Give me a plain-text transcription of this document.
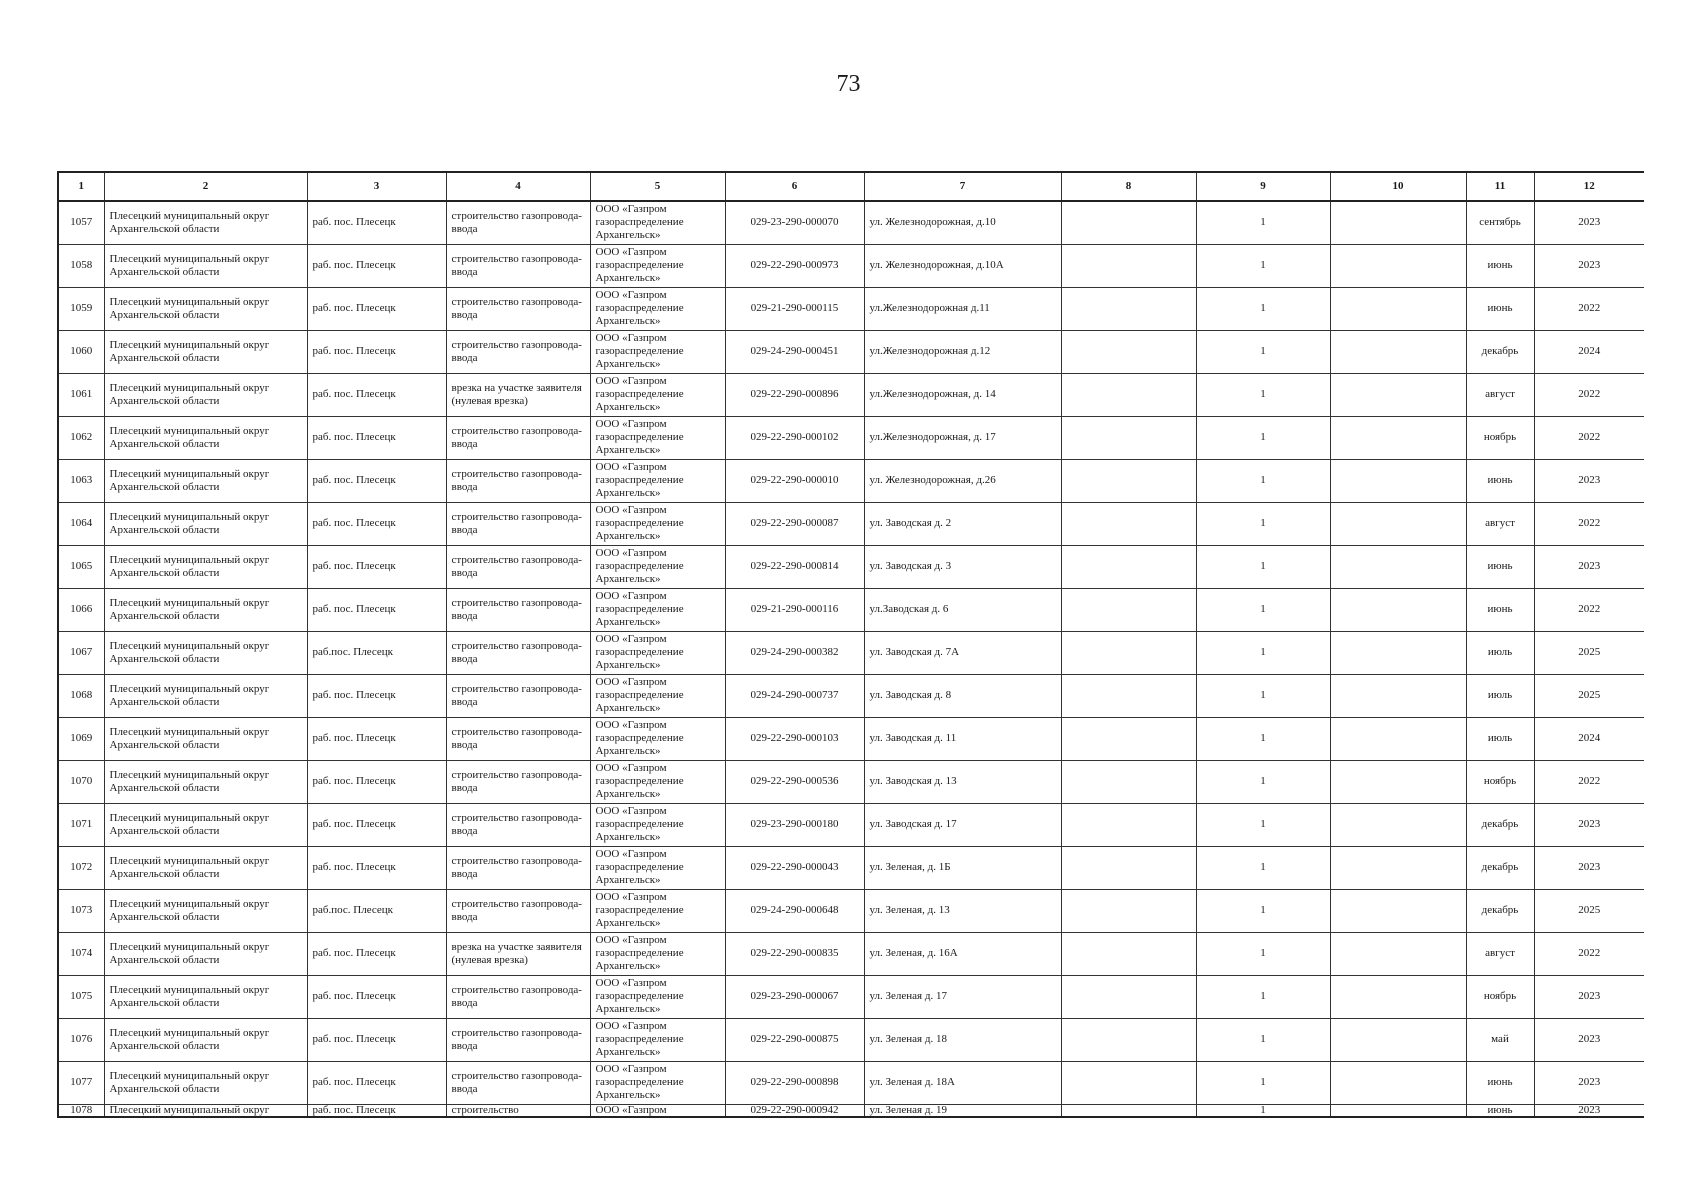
73
1	2	3	4	5	6	7	8	9	10	11	12
1057	Плесецкий муниципальный округ Архангельской области	раб. пос. Плесецк	строительство газопровода-ввода	ООО «Газпром газораспределение Архангельск»	029-23-290-000070	ул. Железнодорожная, д.10		1		сентябрь	2023
1058	Плесецкий муниципальный округ Архангельской области	раб. пос. Плесецк	строительство газопровода-ввода	ООО «Газпром газораспределение Архангельск»	029-22-290-000973	ул. Железнодорожная, д.10А		1		июнь	2023
1059	Плесецкий муниципальный округ Архангельской области	раб. пос. Плесецк	строительство газопровода-ввода	ООО «Газпром газораспределение Архангельск»	029-21-290-000115	ул.Железнодорожная д.11		1		июнь	2022
1060	Плесецкий муниципальный округ Архангельской области	раб. пос. Плесецк	строительство газопровода-ввода	ООО «Газпром газораспределение Архангельск»	029-24-290-000451	ул.Железнодорожная д.12		1		декабрь	2024
1061	Плесецкий муниципальный округ Архангельской области	раб. пос. Плесецк	врезка на участке заявителя (нулевая врезка)	ООО «Газпром газораспределение Архангельск»	029-22-290-000896	ул.Железнодорожная, д. 14		1		август	2022
1062	Плесецкий муниципальный округ Архангельской области	раб. пос. Плесецк	строительство газопровода-ввода	ООО «Газпром газораспределение Архангельск»	029-22-290-000102	ул.Железнодорожная, д. 17		1		ноябрь	2022
1063	Плесецкий муниципальный округ Архангельской области	раб. пос. Плесецк	строительство газопровода-ввода	ООО «Газпром газораспределение Архангельск»	029-22-290-000010	ул. Железнодорожная, д.26		1		июнь	2023
1064	Плесецкий муниципальный округ Архангельской области	раб. пос. Плесецк	строительство газопровода-ввода	ООО «Газпром газораспределение Архангельск»	029-22-290-000087	ул. Заводская д. 2		1		август	2022
1065	Плесецкий муниципальный округ Архангельской области	раб. пос. Плесецк	строительство газопровода-ввода	ООО «Газпром газораспределение Архангельск»	029-22-290-000814	ул. Заводская д. 3		1		июнь	2023
1066	Плесецкий муниципальный округ Архангельской области	раб. пос. Плесецк	строительство газопровода-ввода	ООО «Газпром газораспределение Архангельск»	029-21-290-000116	ул.Заводская д. 6		1		июнь	2022
1067	Плесецкий муниципальный округ Архангельской области	раб.пос. Плесецк	строительство газопровода-ввода	ООО «Газпром газораспределение Архангельск»	029-24-290-000382	ул. Заводская д. 7А		1		июль	2025
1068	Плесецкий муниципальный округ Архангельской области	раб. пос. Плесецк	строительство газопровода-ввода	ООО «Газпром газораспределение Архангельск»	029-24-290-000737	ул. Заводская д. 8		1		июль	2025
1069	Плесецкий муниципальный округ Архангельской области	раб. пос. Плесецк	строительство газопровода-ввода	ООО «Газпром газораспределение Архангельск»	029-22-290-000103	ул. Заводская д. 11		1		июль	2024
1070	Плесецкий муниципальный округ Архангельской области	раб. пос. Плесецк	строительство газопровода-ввода	ООО «Газпром газораспределение Архангельск»	029-22-290-000536	ул. Заводская д. 13		1		ноябрь	2022
1071	Плесецкий муниципальный округ Архангельской области	раб. пос. Плесецк	строительство газопровода-ввода	ООО «Газпром газораспределение Архангельск»	029-23-290-000180	ул. Заводская д. 17		1		декабрь	2023
1072	Плесецкий муниципальный округ Архангельской области	раб. пос. Плесецк	строительство газопровода-ввода	ООО «Газпром газораспределение Архангельск»	029-22-290-000043	ул. Зеленая, д. 1Б		1		декабрь	2023
1073	Плесецкий муниципальный округ Архангельской области	раб.пос. Плесецк	строительство газопровода-ввода	ООО «Газпром газораспределение Архангельск»	029-24-290-000648	ул. Зеленая, д. 13		1		декабрь	2025
1074	Плесецкий муниципальный округ Архангельской области	раб. пос. Плесецк	врезка на участке заявителя (нулевая врезка)	ООО «Газпром газораспределение Архангельск»	029-22-290-000835	ул. Зеленая, д. 16А		1		август	2022
1075	Плесецкий муниципальный округ Архангельской области	раб. пос. Плесецк	строительство газопровода-ввода	ООО «Газпром газораспределение Архангельск»	029-23-290-000067	ул. Зеленая д. 17		1		ноябрь	2023
1076	Плесецкий муниципальный округ Архангельской области	раб. пос. Плесецк	строительство газопровода-ввода	ООО «Газпром газораспределение Архангельск»	029-22-290-000875	ул. Зеленая д. 18		1		май	2023
1077	Плесецкий муниципальный округ Архангельской области	раб. пос. Плесецк	строительство газопровода-ввода	ООО «Газпром газораспределение Архангельск»	029-22-290-000898	ул. Зеленая д. 18А		1		июнь	2023
1078	Плесецкий муниципальный округ	раб. пос. Плесецк	строительство	ООО «Газпром	029-22-290-000942	ул. Зеленая д. 19		1		июнь	2023
